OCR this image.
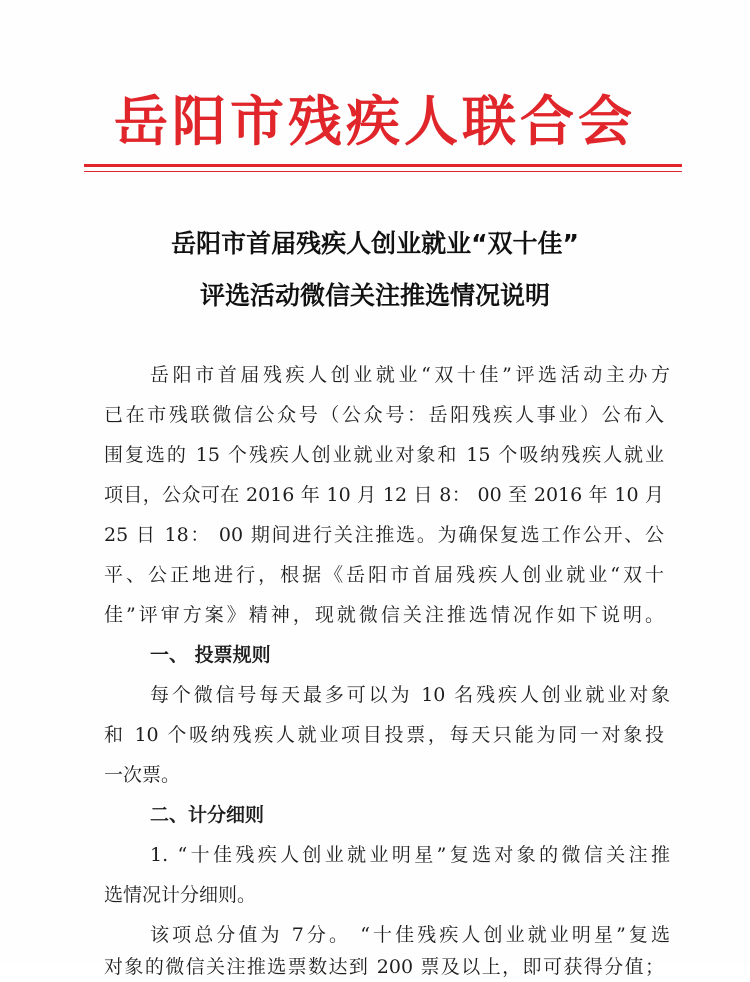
岳阳市残疾人联合会
岳阳市首届残疾人创业就业“双十佳”
评选活动微信关注推选情况说明
岳阳市首届残疾人创业就业“双十佳”评选活动主办方
已在市残联微信公众号（公众号：岳阳残疾人事业）公布入
围复选的 15 个残疾人创业就业对象和 15 个吸纳残疾人就业
项目，公众可在 2016 年 10 月 12 日 8： 00 至 2016 年 10 月
25 日 18： 00 期间进行关注推选。为确保复选工作公开、公
平、公正地进行，根据《岳阳市首届残疾人创业就业“双十
佳”评审方案》精神，现就微信关注推选情况作如下说明。
一、 投票规则
每个微信号每天最多可以为 10 名残疾人创业就业对象
和 10 个吸纳残疾人就业项目投票，每天只能为同一对象投
一次票。
二、计分细则
1. “十佳残疾人创业就业明星”复选对象的微信关注推
选情况计分细则。
该项总分值为 7分。 “十佳残疾人创业就业明星”复选
对象的微信关注推选票数达到 200 票及以上，即可获得分值；
